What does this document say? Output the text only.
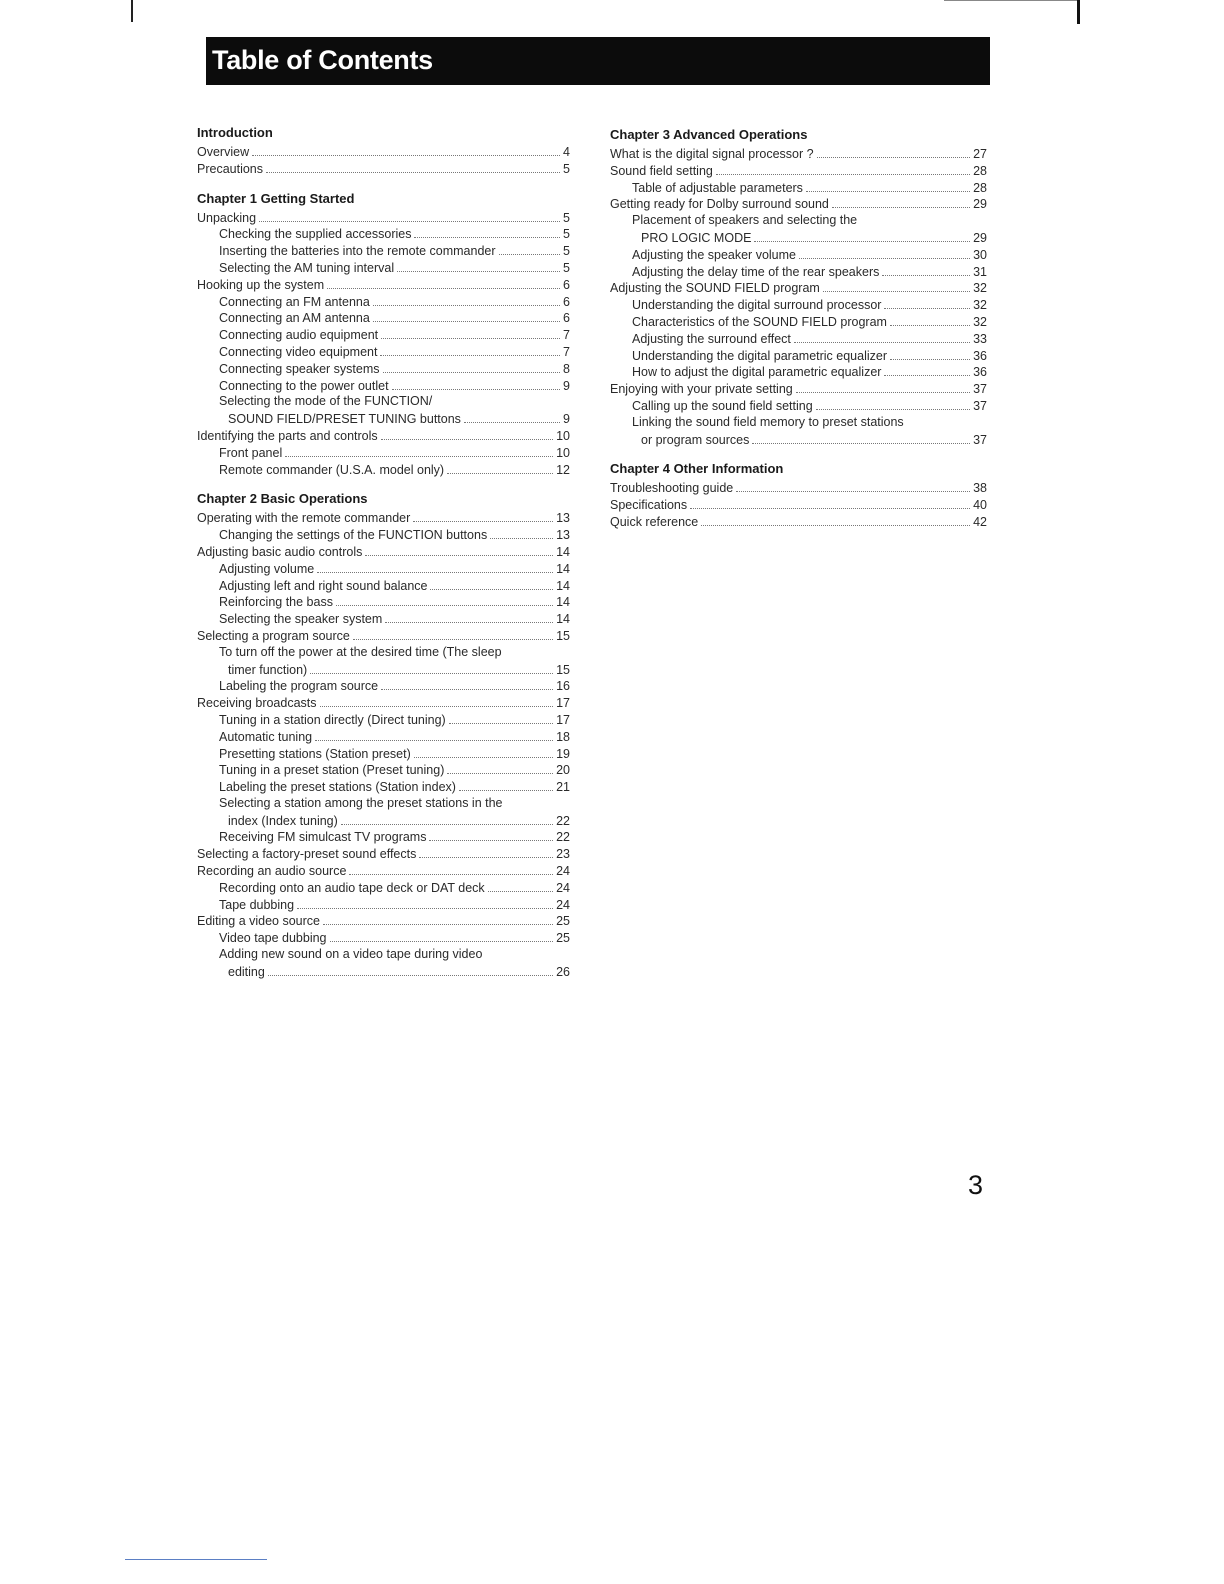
Table of Contents
Introduction
Overview	4
Precautions	5
Chapter 1 Getting Started
Unpacking	5
Checking the supplied accessories	5
Inserting the batteries into the remote commander	5
Selecting the AM tuning interval	5
Hooking up the system	6
Connecting an FM antenna	6
Connecting an AM antenna	6
Connecting audio equipment	7
Connecting video equipment	7
Connecting speaker systems	8
Connecting to the power outlet	9
Selecting the mode of the FUNCTION/
SOUND FIELD/PRESET TUNING buttons	9
Identifying the parts and controls	10
Front panel	10
Remote commander (U.S.A. model only)	12
Chapter 2 Basic Operations
Operating with the remote commander	13
Changing the settings of the FUNCTION buttons	13
Adjusting basic audio controls	14
Adjusting volume	14
Adjusting left and right sound balance	14
Reinforcing the bass	14
Selecting the speaker system	14
Selecting a program source	15
To turn off the power at the desired time (The sleep
timer function)	15
Labeling the program source	16
Receiving broadcasts	17
Tuning in a station directly (Direct tuning)	17
Automatic tuning	18
Presetting stations (Station preset)	19
Tuning in a preset station (Preset tuning)	20
Labeling the preset stations (Station index)	21
Selecting a station among the preset stations in the
index (Index tuning)	22
Receiving FM simulcast TV programs	22
Selecting a factory-preset sound effects	23
Recording an audio source	24
Recording onto an audio tape deck or DAT deck	24
Tape dubbing	24
Editing a video source	25
Video tape dubbing	25
Adding new sound on a video tape during video
editing	26
Chapter 3 Advanced Operations
What is the digital signal processor ?	27
Sound field setting	28
Table of adjustable parameters	28
Getting ready for Dolby surround sound	29
Placement of speakers and selecting the
PRO LOGIC MODE	29
Adjusting the speaker volume	30
Adjusting the delay time of the rear speakers	31
Adjusting the SOUND FIELD program	32
Understanding the digital surround processor	32
Characteristics of the SOUND FIELD program	32
Adjusting the surround effect	33
Understanding the digital parametric equalizer	36
How to adjust the digital parametric equalizer	36
Enjoying with your private setting	37
Calling up the sound field setting	37
Linking the sound field memory to preset stations
or program sources	37
Chapter 4 Other Information
Troubleshooting guide	38
Specifications	40
Quick reference	42
3
